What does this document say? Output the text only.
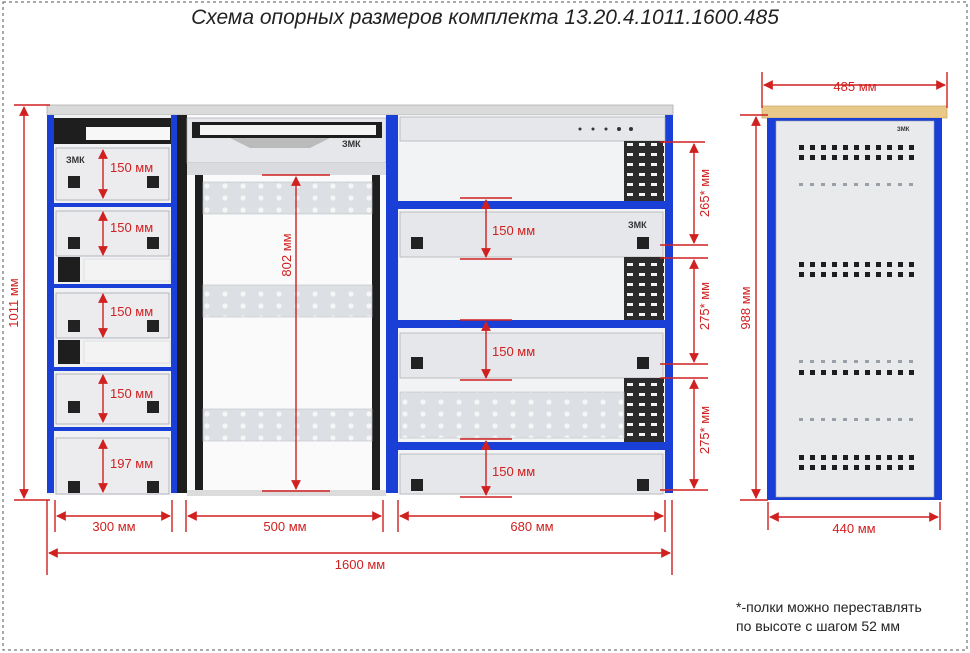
ЗМК
ЗМК
ЗМК
ЗМК
1011 мм
150 мм
150 мм
150 мм
150 мм
197 мм
802 мм
150 мм
150 мм
150 мм
265* мм
275* мм
275* мм
300 мм	500 мм	680 мм
1600 мм
485 мм
988 мм
440 мм
Схема опорных размеров комплекта 13.20.4.1011.1600.485
*-полки можно переставлять
по высоте с шагом 52 мм
